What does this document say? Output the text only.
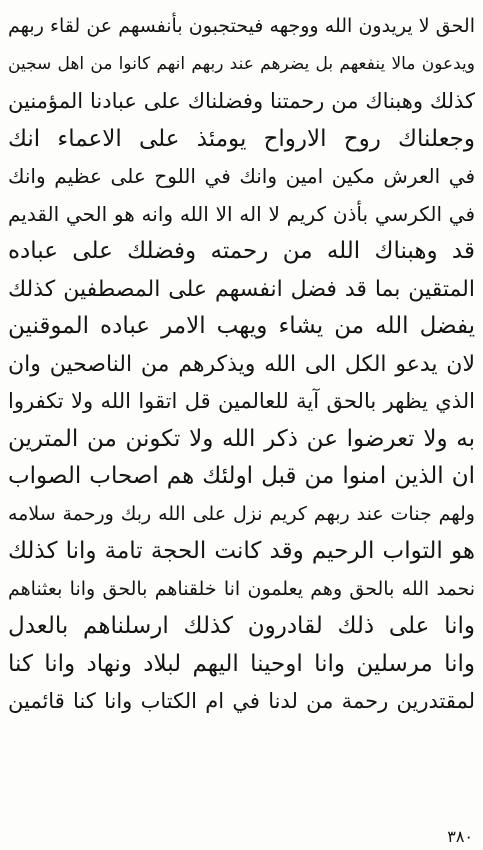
الحق لا يريدون الله ووجهه فيحتجبون بأنفسهم عن لقاء ربهم
ويدعون مالا ينفعهم بل يضرهم عند ربهم انهم كانوا من اهل سجين
كذلك وهبناك من رحمتنا وفضلناك على عبادنا المؤمنين
وجعلناك روح الارواح يومئذ على الاعماء انك
في العرش مكين امين وانك في اللوح على عظيم وانك
في الكرسي بأذن كريم لا اله الا الله وانه هو الحي القديم
قد وهبناك الله من رحمته وفضلك على عباده
المتقين بما قد فضل انفسهم على المصطفين كذلك
يفضل الله من يشاء ويهب الامر عباده الموقنين
لان يدعو الكل الى الله ويذكرهم من الناصحين وان
الذي يظهر بالحق آية للعالمين قل اتقوا الله ولا تكفروا
به ولا تعرضوا عن ذكر الله ولا تكونن من المترين
ان الذين امنوا من قبل اولئك هم اصحاب الصواب
ولهم جنات عند ربهم كريم نزل على الله ربك ورحمة سلامه
هو التواب الرحيم وقد كانت الحجة تامة وانا كذلك
نحمد الله بالحق وهم يعلمون انا خلقناهم بالحق وانا بعثناهم
وانا على ذلك لقادرون كذلك ارسلناهم بالعدل
وانا مرسلين وانا اوحينا اليهم لبلاد ونهاد وانا كنا
لمقتدرين رحمة من لدنا في ام الكتاب وانا كنا قائمين
۳۸۰
